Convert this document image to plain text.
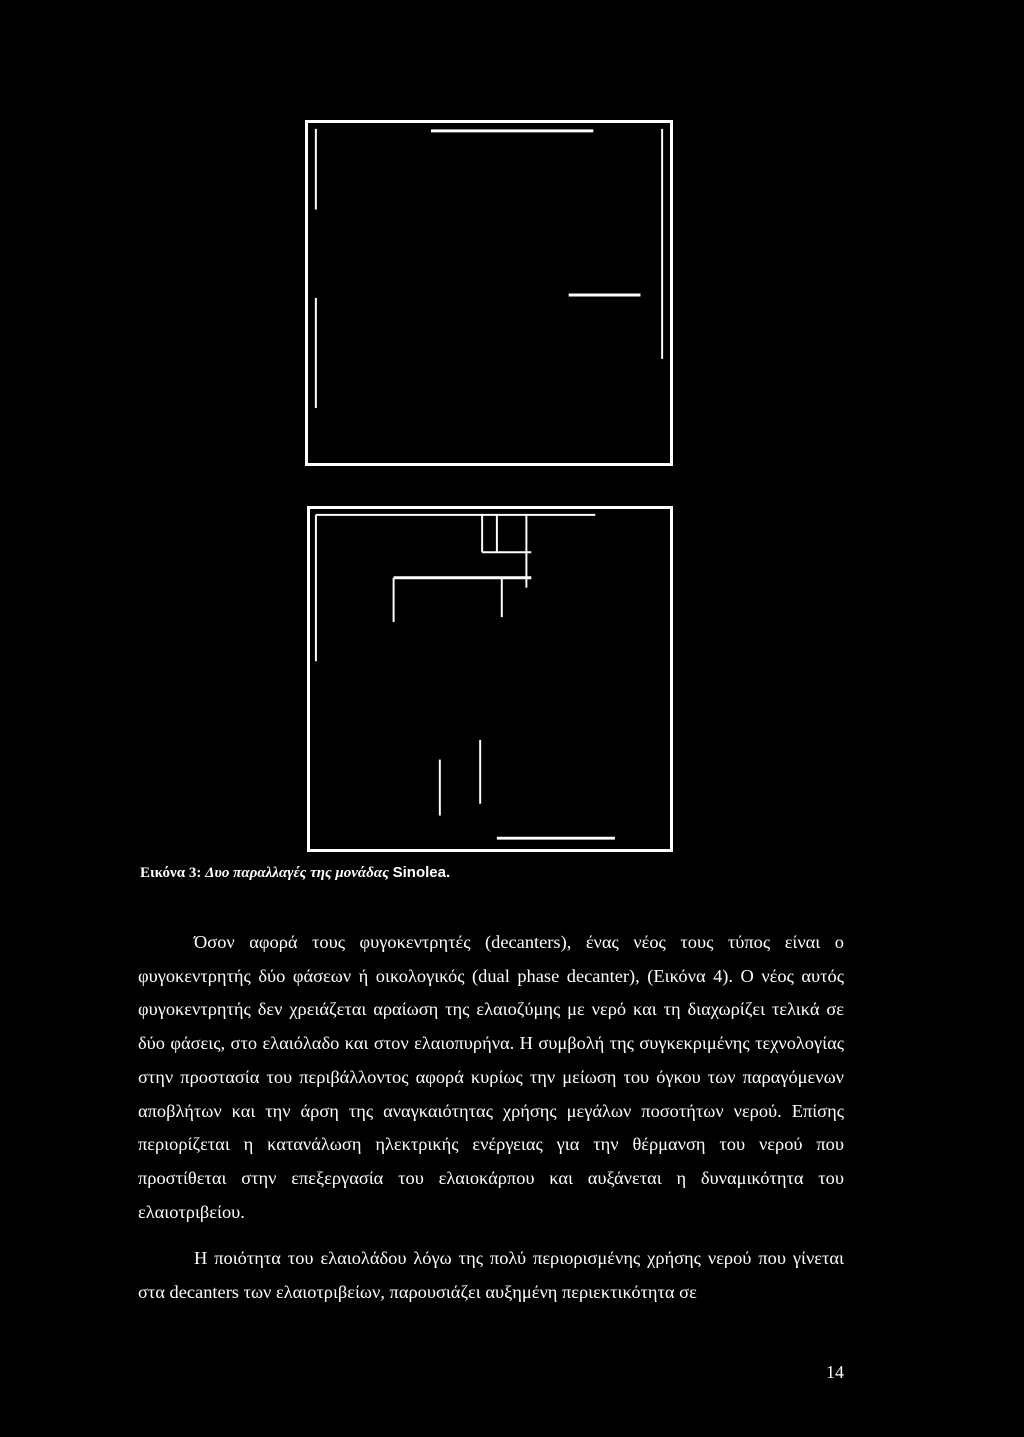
Εικόνα 3: Δυο παραλλαγές της μονάδας Sinolea.

Όσον αφορά τους φυγοκεντρητές (decanters), ένας νέος τους τύπος είναι ο φυγοκεντρητής δύο φάσεων ή οικολογικός (dual phase decanter), (Εικόνα 4). Ο νέος αυτός φυγοκεντρητής δεν χρειάζεται αραίωση της ελαιοζύμης με νερό και τη διαχωρίζει τελικά σε δύο φάσεις, στο ελαιόλαδο και στον ελαιοπυρήνα. Η συμβολή της συγκεκριμένης τεχνολογίας στην προστασία του περιβάλλοντος αφορά κυρίως την μείωση του όγκου των παραγόμενων αποβλήτων και την άρση της αναγκαιότητας χρήσης μεγάλων ποσοτήτων νερού. Επίσης περιορίζεται η κατανάλωση ηλεκτρικής ενέργειας για την θέρμανση του νερού που προστίθεται στην επεξεργασία του ελαιοκάρπου και αυξάνεται η δυναμικότητα του ελαιοτριβείου.

Η ποιότητα του ελαιολάδου λόγω της πολύ περιορισμένης χρήσης νερού που γίνεται στα decanters των ελαιοτριβείων, παρουσιάζει αυξημένη περιεκτικότητα σε

14
